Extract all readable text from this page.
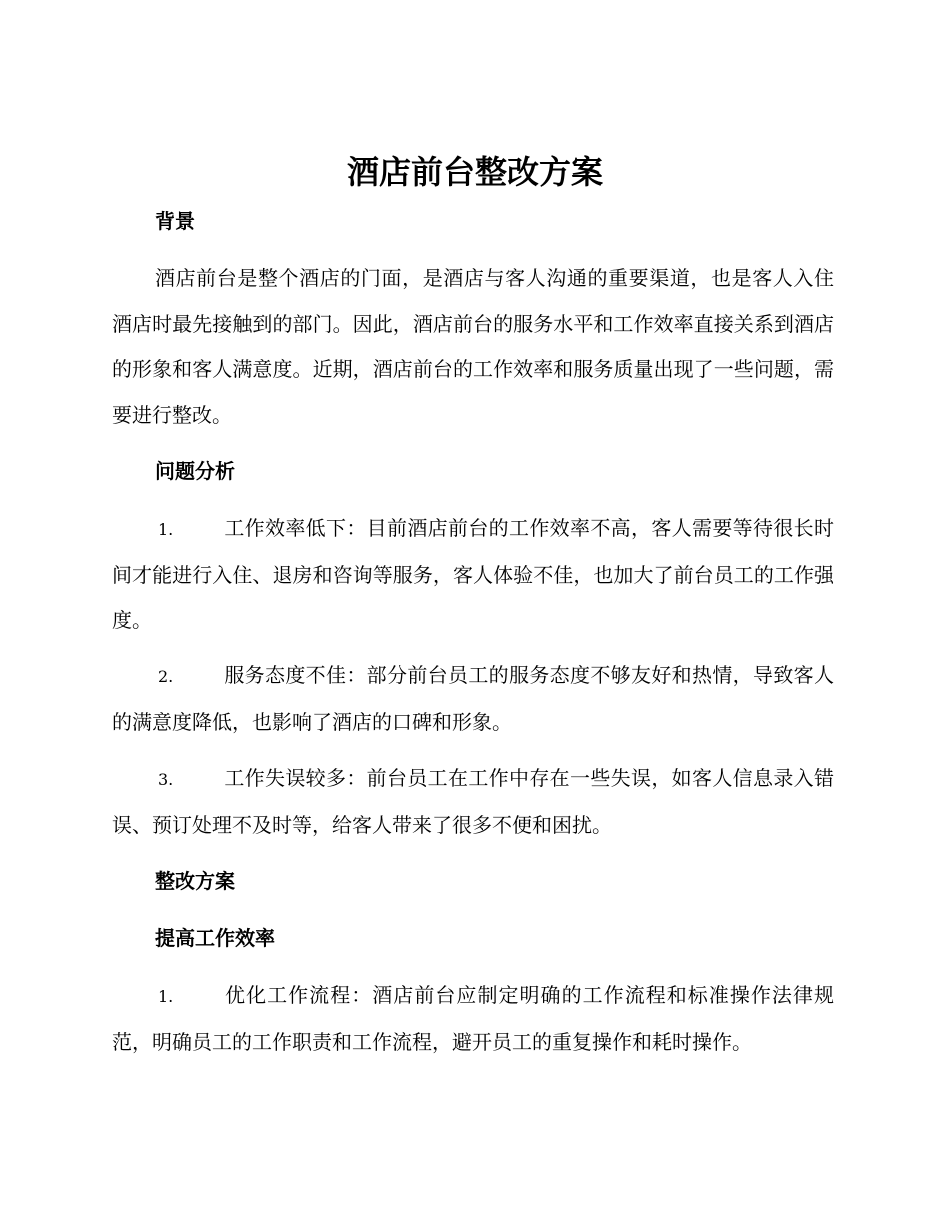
酒店前台整改方案
背景
酒店前台是整个酒店的门面，是酒店与客人沟通的重要渠道，也是客人入住酒店时最先接触到的部门。因此，酒店前台的服务水平和工作效率直接关系到酒店的形象和客人满意度。近期，酒店前台的工作效率和服务质量出现了一些问题，需要进行整改。
问题分析
1.	工作效率低下：目前酒店前台的工作效率不高，客人需要等待很长时间才能进行入住、退房和咨询等服务，客人体验不佳，也加大了前台员工的工作强度。
2.	服务态度不佳：部分前台员工的服务态度不够友好和热情，导致客人的满意度降低，也影响了酒店的口碑和形象。
3.	工作失误较多：前台员工在工作中存在一些失误，如客人信息录入错误、预订处理不及时等，给客人带来了很多不便和困扰。
整改方案
提高工作效率
1.	优化工作流程：酒店前台应制定明确的工作流程和标准操作法律规范，明确员工的工作职责和工作流程，避开员工的重复操作和耗时操作。
